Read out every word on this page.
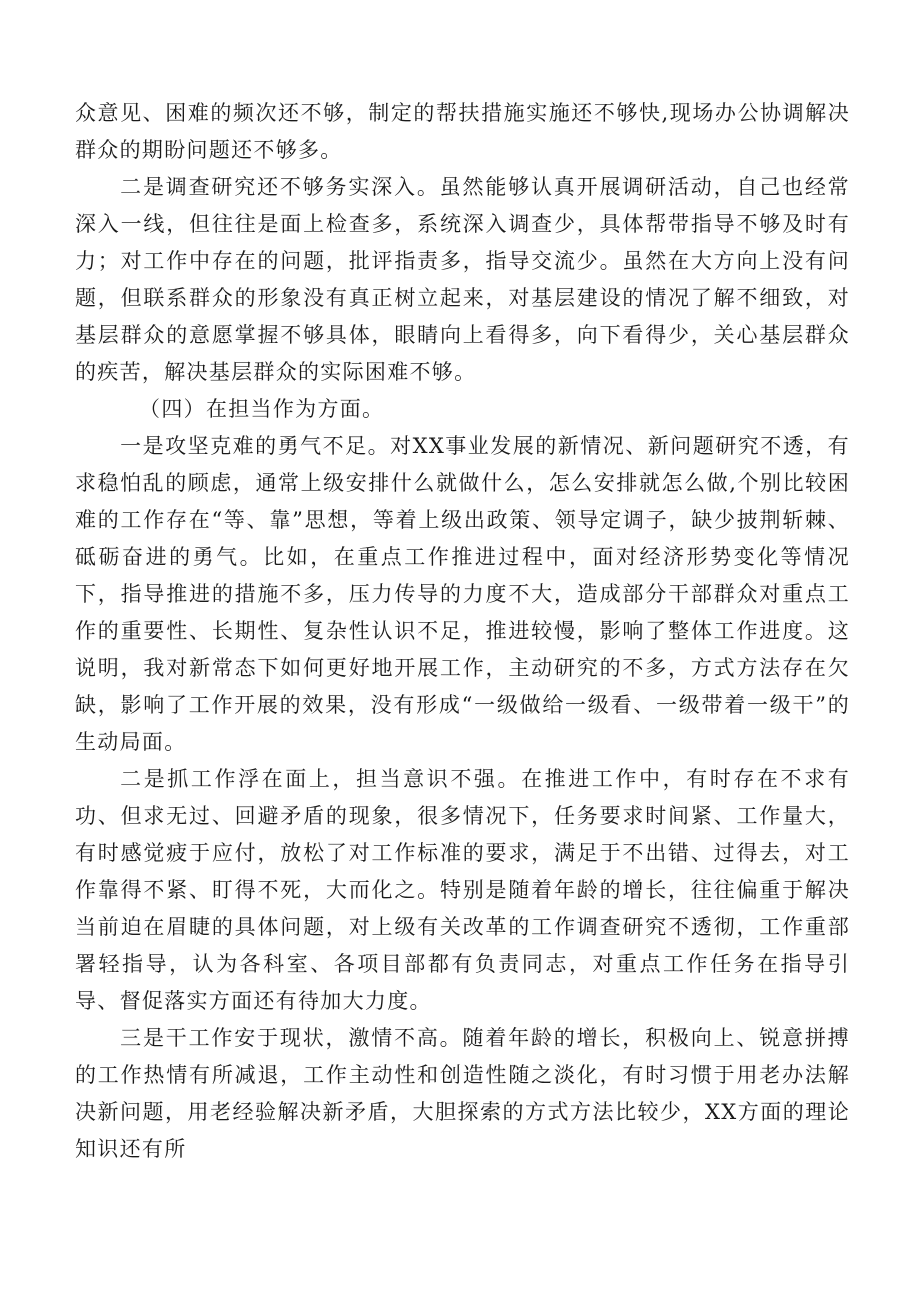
众意见、困难的频次还不够，制定的帮扶措施实施还不够快,现场办公协调解决群众的期盼问题还不够多。

二是调查研究还不够务实深入。虽然能够认真开展调研活动，自己也经常深入一线，但往往是面上检查多，系统深入调查少，具体帮带指导不够及时有力；对工作中存在的问题，批评指责多，指导交流少。虽然在大方向上没有问题，但联系群众的形象没有真正树立起来，对基层建设的情况了解不细致，对基层群众的意愿掌握不够具体，眼睛向上看得多，向下看得少，关心基层群众的疾苦，解决基层群众的实际困难不够。

（四）在担当作为方面。

一是攻坚克难的勇气不足。对XX事业发展的新情况、新问题研究不透，有求稳怕乱的顾虑，通常上级安排什么就做什么，怎么安排就怎么做,个别比较困难的工作存在“等、靠”思想，等着上级出政策、领导定调子，缺少披荆斩棘、砥砺奋进的勇气。比如，在重点工作推进过程中，面对经济形势变化等情况下，指导推进的措施不多，压力传导的力度不大，造成部分干部群众对重点工作的重要性、长期性、复杂性认识不足，推进较慢，影响了整体工作进度。这说明，我对新常态下如何更好地开展工作，主动研究的不多，方式方法存在欠缺，影响了工作开展的效果，没有形成“一级做给一级看、一级带着一级干”的生动局面。

二是抓工作浮在面上，担当意识不强。在推进工作中，有时存在不求有功、但求无过、回避矛盾的现象，很多情况下，任务要求时间紧、工作量大，有时感觉疲于应付，放松了对工作标准的要求，满足于不出错、过得去，对工作靠得不紧、盯得不死，大而化之。特别是随着年龄的增长，往往偏重于解决当前迫在眉睫的具体问题，对上级有关改革的工作调查研究不透彻，工作重部署轻指导，认为各科室、各项目部都有负责同志，对重点工作任务在指导引导、督促落实方面还有待加大力度。

三是干工作安于现状，激情不高。随着年龄的增长，积极向上、锐意拼搏的工作热情有所减退，工作主动性和创造性随之淡化，有时习惯于用老办法解决新问题，用老经验解决新矛盾，大胆探索的方式方法比较少，XX方面的理论知识还有所
